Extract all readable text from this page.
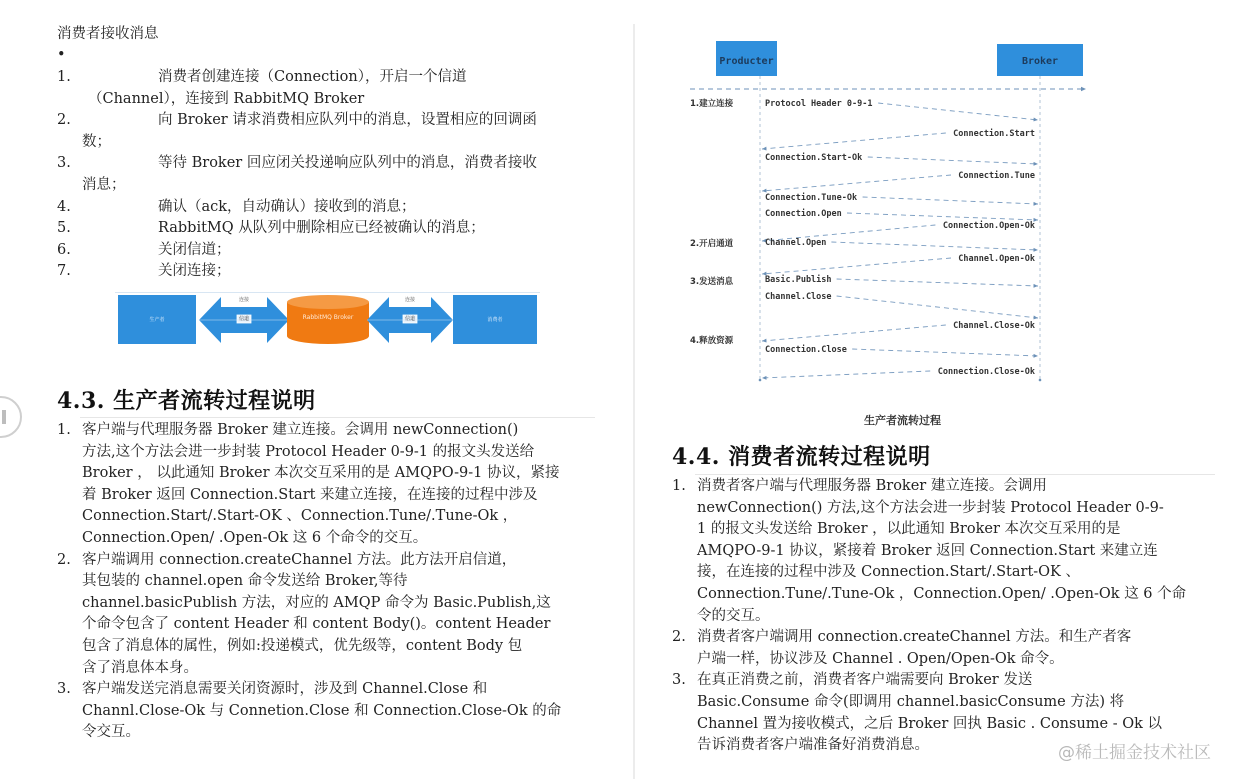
消费者接收消息
•
1.	消费者创建连接（Connection），开启一个信道
（Channel），连接到 RabbitMQ Broker
2.	向 Broker 请求消费相应队列中的消息，设置相应的回调函
数；
3.	等待 Broker 回应闭关投递响应队列中的消息，消费者接收
消息；
4.	确认（ack，自动确认）接收到的消息；
5.	RabbitMQ 从队列中删除相应已经被确认的消息；
6.	关闭信道；
7.	关闭连接；
生产者
连接
信道	RabbitMQ Broker
连接
信道	消费者
4.3. 生产者流转过程说明
1. 客户端与代理服务器 Broker 建立连接。会调用 newConnection()
方法,这个方法会进一步封装 Protocol Header 0-9-1 的报文头发送给
Broker ， 以此通知 Broker 本次交互采用的是 AMQPO-9-1 协议，紧接
着 Broker 返回 Connection.Start 来建立连接，在连接的过程中涉及
Connection.Start/.Start-OK 、Connection.Tune/.Tune-Ok ，
Connection.Open/ .Open-Ok 这 6 个命令的交互。
2. 客户端调用 connection.createChannel 方法。此方法开启信道，
其包装的 channel.open 命令发送给 Broker,等待
channel.basicPublish 方法，对应的 AMQP 命令为 Basic.Publish,这
个命令包含了 content Header 和 content Body()。content Header
包含了消息体的属性，例如:投递模式，优先级等，content Body 包
含了消息体本身。
3. 客户端发送完消息需要关闭资源时，涉及到 Channel.Close 和
Channl.Close-Ok 与 Connetion.Close 和 Connection.Close-Ok 的命
令交互。
Producter	Broker
1.建立连接
2.开启通道
3.发送消息
4.释放资源
Protocol Header 0-9-1
Connection.Start
Connection.Start-Ok
Connection.Tune
Connection.Tune-Ok
Connection.Open
Connection.Open-Ok
Channel.Open
Channel.Open-Ok
Basic.Publish
Channel.Close
Channel.Close-Ok
Connection.Close
Connection.Close-Ok
生产者流转过程
4.4. 消费者流转过程说明
1. 消费者客户端与代理服务器 Broker 建立连接。会调用
newConnection() 方法,这个方法会进一步封装 Protocol Header 0-9-
1 的报文头发送给 Broker ，以此通知 Broker 本次交互采用的是
AMQPO-9-1 协议，紧接着 Broker 返回 Connection.Start 来建立连
接，在连接的过程中涉及 Connection.Start/.Start-OK 、
Connection.Tune/.Tune-Ok ，Connection.Open/ .Open-Ok 这 6 个命
令的交互。
2. 消费者客户端调用 connection.createChannel 方法。和生产者客
户端一样，协议涉及 Channel . Open/Open-Ok 命令。
3. 在真正消费之前，消费者客户端需要向 Broker 发送
Basic.Consume 命令(即调用 channel.basicConsume 方法) 将
Channel 置为接收模式，之后 Broker 回执 Basic . Consume - Ok 以
告诉消费者客户端准备好消费消息。	@稀土掘金技术社区
